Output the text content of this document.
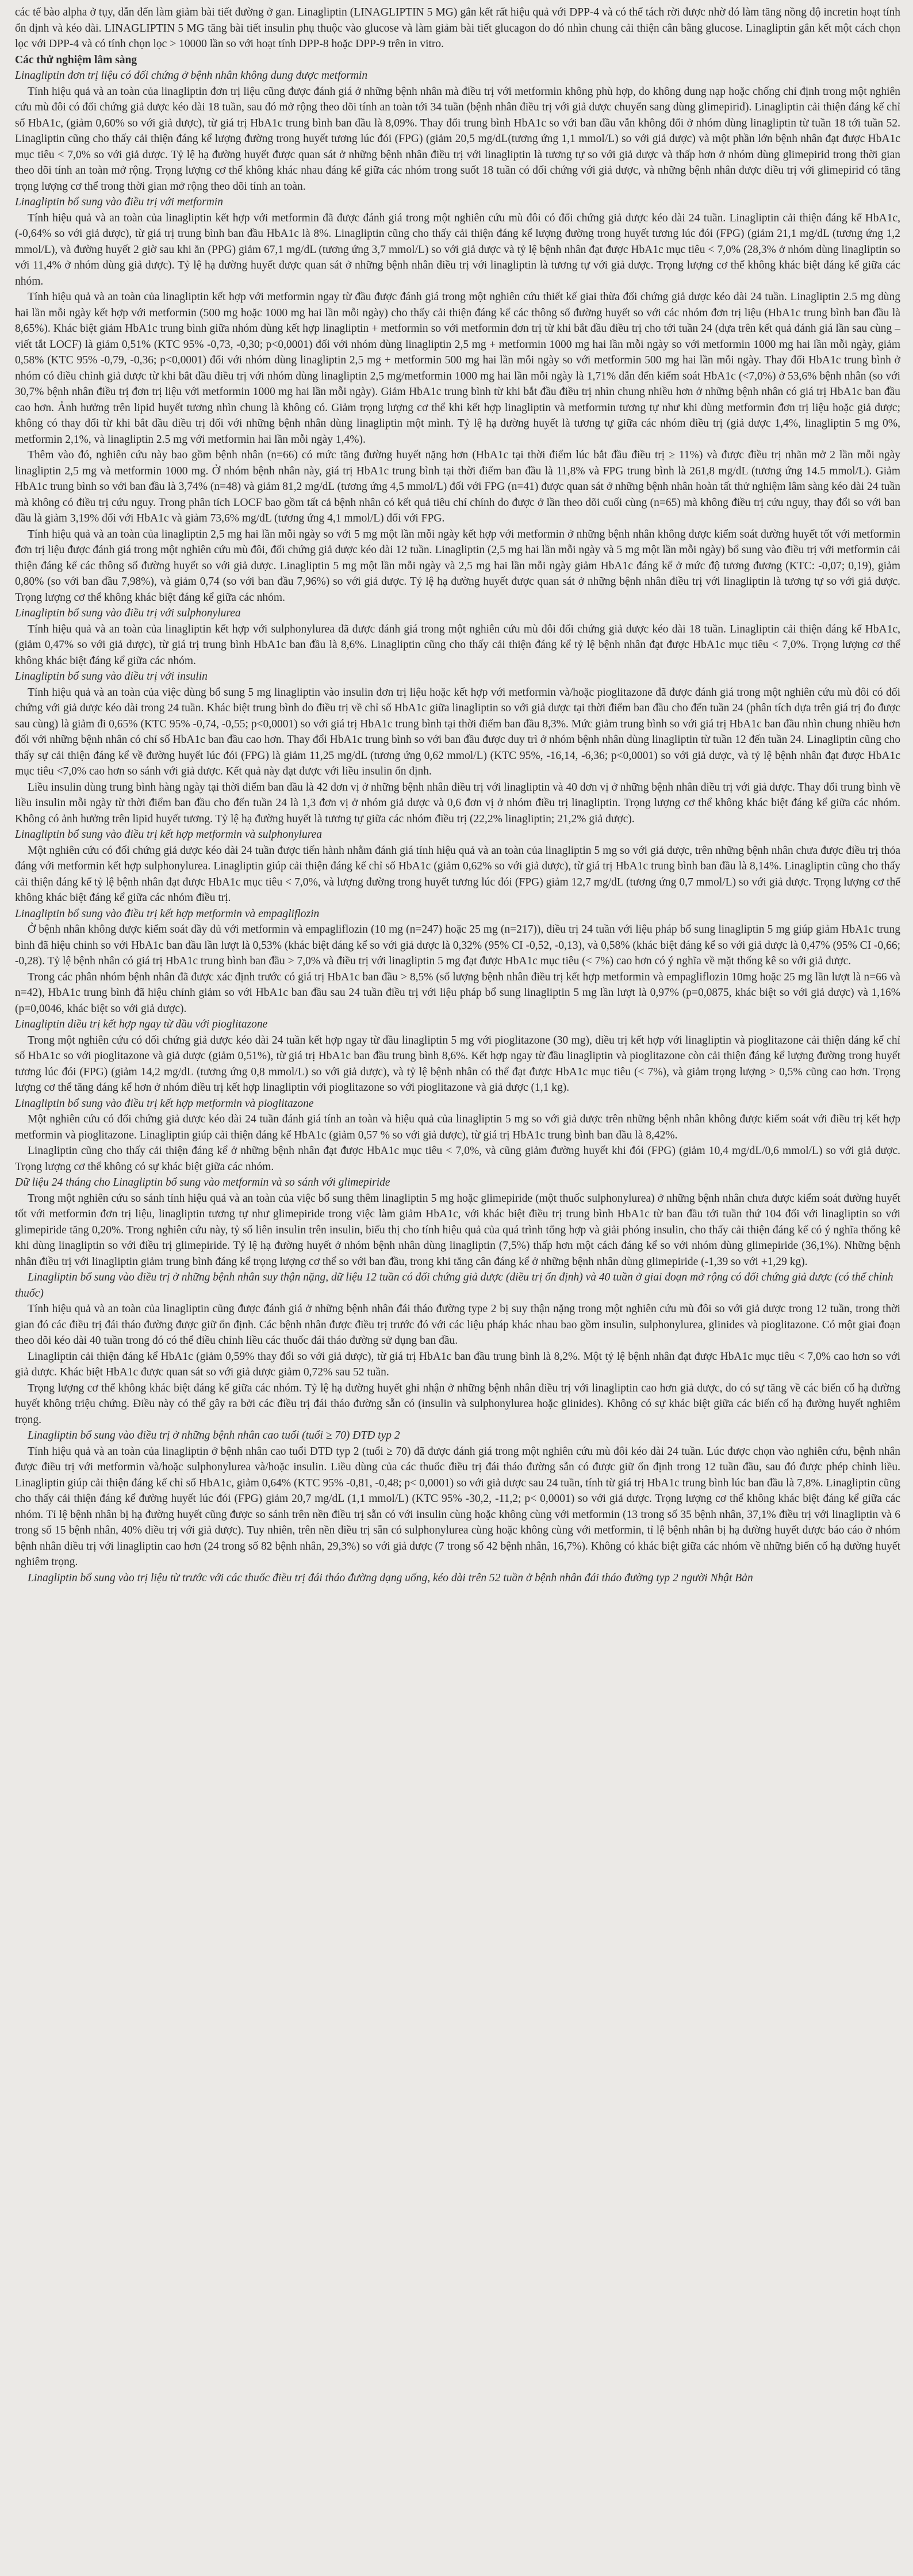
các tế bào alpha ở tụy, dẫn đến làm giảm bài tiết đường ở gan. Linagliptin (LINAGLIPTIN 5 MG) gắn kết rất hiệu quả với DPP-4 và có thể tách rời được nhờ đó làm tăng nồng độ incretin hoạt tính ổn định và kéo dài. LINAGLIPTIN 5 MG tăng bài tiết insulin phụ thuộc vào glucose và làm giảm bài tiết glucagon do đó nhìn chung cải thiện cân bằng glucose. Linagliptin gắn kết một cách chọn lọc với DPP-4 và có tính chọn lọc > 10000 lần so với hoạt tính DPP-8 hoặc DPP-9 trên in vitro.

Các thử nghiệm lâm sàng

Linagliptin đơn trị liệu có đối chứng ở bệnh nhân không dung được metformin

Tính hiệu quả và an toàn của linagliptin đơn trị liệu cũng được đánh giá ở những bệnh nhân mà điều trị với metformin không phù hợp, do không dung nạp hoặc chống chỉ định trong một nghiên cứu mù đôi có đối chứng giả dược kéo dài 18 tuần, sau đó mở rộng theo dõi tính an toàn tới 34 tuần (bệnh nhân điều trị với giả dược chuyển sang dùng glimepirid). Linagliptin cải thiện đáng kể chỉ số HbA1c, (giảm 0,60% so với giả dược), từ giá trị HbA1c trung bình ban đầu là 8,09%. Thay đổi trung bình HbA1c so với ban đầu vẫn không đổi ở nhóm dùng linagliptin từ tuần 18 tới tuần 52. Linagliptin cũng cho thấy cải thiện đáng kể lượng đường trong huyết tương lúc đói (FPG) (giảm 20,5 mg/dL(tương ứng 1,1 mmol/L) so với giả dược) và một phần lớn bệnh nhân đạt được HbA1c mục tiêu < 7,0% so với giả dược. Tỷ lệ hạ đường huyết được quan sát ở những bệnh nhân điều trị với linagliptin là tương tự so với giả dược và thấp hơn ở nhóm dùng glimepirid trong thời gian theo dõi tính an toàn mở rộng. Trọng lượng cơ thể không khác nhau đáng kể giữa các nhóm trong suốt 18 tuần có đối chứng với giả dược, và những bệnh nhân được điều trị với glimepirid có tăng trọng lượng cơ thể trong thời gian mở rộng theo dõi tính an toàn.

Linagliptin bổ sung vào điều trị với metformin

Tính hiệu quả và an toàn của linagliptin kết hợp với metformin đã được đánh giá trong một nghiên cứu mù đôi có đối chứng giả dược kéo dài 24 tuần. Linagliptin cải thiện đáng kể HbA1c, (-0,64% so với giả dược), từ giá trị trung bình ban đầu HbA1c là 8%. Linagliptin cũng cho thấy cải thiện đáng kể lượng đường trong huyết tương lúc đói (FPG) (giảm 21,1 mg/dL (tương ứng 1,2 mmol/L), và đường huyết 2 giờ sau khi ăn (PPG) giảm 67,1 mg/dL (tương ứng 3,7 mmol/L) so với giả dược và tỷ lệ bệnh nhân đạt được HbA1c mục tiêu < 7,0% (28,3% ở nhóm dùng linagliptin so với 11,4% ở nhóm dùng giả dược). Tỷ lệ hạ đường huyết được quan sát ở những bệnh nhân điều trị với linagliptin là tương tự với giả dược. Trọng lượng cơ thể không khác biệt đáng kể giữa các nhóm.

Tính hiệu quả và an toàn của linagliptin kết hợp với metformin ngay từ đầu được đánh giá trong một nghiên cứu thiết kế giai thừa đối chứng giả dược kéo dài 24 tuần. Linagliptin 2.5 mg dùng hai lần mỗi ngày kết hợp với metformin (500 mg hoặc 1000 mg hai lần mỗi ngày) cho thấy cải thiện đáng kể các thông số đường huyết so với các nhóm đơn trị liệu (HbA1c trung bình ban đầu là 8,65%). Khác biệt giảm HbA1c trung bình giữa nhóm dùng kết hợp linagliptin + metformin so với metformin đơn trị từ khi bắt đầu điều trị cho tới tuần 24 (dựa trên kết quả đánh giá lần sau cùng – viết tắt LOCF) là giảm 0,51% (KTC 95% -0,73, -0,30; p<0,0001) đối với nhóm dùng linagliptin 2,5 mg + metformin 1000 mg hai lần mỗi ngày so với metformin 1000 mg hai lần mỗi ngày, giảm 0,58% (KTC 95% -0,79, -0,36; p<0,0001) đối với nhóm dùng linagliptin 2,5 mg + metformin 500 mg hai lần mỗi ngày so với metformin 500 mg hai lần mỗi ngày. Thay đổi HbA1c trung bình ở nhóm có điều chỉnh giả dược từ khi bắt đầu điều trị với nhóm dùng linagliptin 2,5 mg/metformin 1000 mg hai lần mỗi ngày là 1,71% dẫn đến kiểm soát HbA1c (<7,0%) ở 53,6% bệnh nhân (so với 30,7% bệnh nhân điều trị đơn trị liệu với metformin 1000 mg hai lần mỗi ngày). Giảm HbA1c trung bình từ khi bắt đầu điều trị nhìn chung nhiều hơn ở những bệnh nhân có giá trị HbA1c ban đầu cao hơn. Ảnh hưởng trên lipid huyết tương nhìn chung là không có. Giảm trọng lượng cơ thể khi kết hợp linagliptin và metformin tương tự như khi dùng metformin đơn trị liệu hoặc giả dược; không có thay đổi từ khi bắt đầu điều trị đối với những bệnh nhân dùng linagliptin một mình. Tỷ lệ hạ đường huyết là tương tự giữa các nhóm điều trị (giả dược 1,4%, linagliptin 5 mg 0%, metformin 2,1%, và linagliptin 2.5 mg với metformin hai lần mỗi ngày 1,4%).

Thêm vào đó, nghiên cứu này bao gồm bệnh nhân (n=66) có mức tăng đường huyết nặng hơn (HbA1c tại thời điểm lúc bắt đầu điều trị ≥ 11%) và được điều trị nhãn mở 2 lần mỗi ngày linagliptin 2,5 mg và metformin 1000 mg. Ở nhóm bệnh nhân này, giá trị HbA1c trung bình tại thời điểm ban đầu là 11,8% và FPG trung bình là 261,8 mg/dL (tương ứng 14.5 mmol/L). Giảm HbA1c trung bình so với ban đầu là 3,74% (n=48) và giảm 81,2 mg/dL (tương ứng 4,5 mmol/L) đối với FPG (n=41) được quan sát ở những bệnh nhân hoàn tất thử nghiệm lâm sàng kéo dài 24 tuần mà không có điều trị cứu nguy. Trong phân tích LOCF bao gồm tất cả bệnh nhân có kết quả tiêu chí chính do được ở lần theo dõi cuối cùng (n=65) mà không điều trị cứu nguy, thay đổi so với ban đầu là giảm 3,19% đối với HbA1c và giảm 73,6% mg/dL (tương ứng 4,1 mmol/L) đối với FPG.

Tính hiệu quả và an toàn của linagliptin 2,5 mg hai lần mỗi ngày so với 5 mg một lần mỗi ngày kết hợp với metformin ở những bệnh nhân không được kiểm soát đường huyết tốt với metformin đơn trị liệu được đánh giá trong một nghiên cứu mù đôi, đối chứng giả dược kéo dài 12 tuần. Linagliptin (2,5 mg hai lần mỗi ngày và 5 mg một lần mỗi ngày) bổ sung vào điều trị với metformin cải thiện đáng kể các thông số đường huyết so với giả dược. Linagliptin 5 mg một lần mỗi ngày và 2,5 mg hai lần mỗi ngày giảm HbA1c đáng kể ở mức độ tương đương (KTC: -0,07; 0,19), giảm 0,80% (so với ban đầu 7,98%), và giảm 0,74 (so với ban đầu 7,96%) so với giả dược. Tỷ lệ hạ đường huyết được quan sát ở những bệnh nhân điều trị với linagliptin là tương tự so với giả dược. Trọng lượng cơ thể không khác biệt đáng kể giữa các nhóm.

Linagliptin bổ sung vào điều trị với sulphonylurea

Tính hiệu quả và an toàn của linagliptin kết hợp với sulphonylurea đã được đánh giá trong một nghiên cứu mù đôi đối chứng giả dược kéo dài 18 tuần. Linagliptin cải thiện đáng kể HbA1c, (giảm 0,47% so với giả dược), từ giá trị trung bình HbA1c ban đầu là 8,6%. Linagliptin cũng cho thấy cải thiện đáng kể tỷ lệ bệnh nhân đạt được HbA1c mục tiêu < 7,0%. Trọng lượng cơ thể không khác biệt đáng kể giữa các nhóm.

Linagliptin bổ sung vào điều trị với insulin

Tính hiệu quả và an toàn của việc dùng bổ sung 5 mg linagliptin vào insulin đơn trị liệu hoặc kết hợp với metformin và/hoặc pioglitazone đã được đánh giá trong một nghiên cứu mù đôi có đối chứng với giả dược kéo dài trong 24 tuần. Khác biệt trung bình do điều trị về chỉ số HbA1c giữa linagliptin so với giả dược tại thời điểm ban đầu cho đến tuần 24 (phân tích dựa trên giá trị đo được sau cùng) là giảm đi 0,65% (KTC 95% -0,74, -0,55; p<0,0001) so với giá trị HbA1c trung bình tại thời điểm ban đầu 8,3%. Mức giảm trung bình so với giá trị HbA1c ban đầu nhìn chung nhiều hơn đối với những bệnh nhân có chỉ số HbA1c ban đầu cao hơn. Thay đổi HbA1c trung bình so với ban đầu được duy trì ở nhóm bệnh nhân dùng linagliptin từ tuần 12 đến tuần 24. Linagliptin cũng cho thấy sự cải thiện đáng kể về đường huyết lúc đói (FPG) là giảm 11,25 mg/dL (tương ứng 0,62 mmol/L) (KTC 95%, -16,14, -6,36; p<0,0001) so với giả dược, và tỷ lệ bệnh nhân đạt được HbA1c mục tiêu <7,0% cao hơn so sánh với giả dược. Kết quả này đạt được với liều insulin ổn định.

Liều insulin dùng trung bình hàng ngày tại thời điểm ban đầu là 42 đơn vị ở những bệnh nhân điều trị với linagliptin và 40 đơn vị ở những bệnh nhân điều trị với giả dược. Thay đổi trung bình về liều insulin mỗi ngày từ thời điểm ban đầu cho đến tuần 24 là 1,3 đơn vị ở nhóm giả dược và 0,6 đơn vị ở nhóm điều trị linagliptin. Trọng lượng cơ thể không khác biệt đáng kể giữa các nhóm. Không có ảnh hưởng trên lipid huyết tương. Tỷ lệ hạ đường huyết là tương tự giữa các nhóm điều trị (22,2% linagliptin; 21,2% giả dược).

Linagliptin bổ sung vào điều trị kết hợp metformin và sulphonylurea

Một nghiên cứu có đối chứng giả dược kéo dài 24 tuần được tiến hành nhằm đánh giá tính hiệu quả và an toàn của linagliptin 5 mg so với giả dược, trên những bệnh nhân chưa được điều trị thỏa đáng với metformin kết hợp sulphonylurea. Linagliptin giúp cải thiện đáng kể chỉ số HbA1c (giảm 0,62% so với giả dược), từ giá trị HbA1c trung bình ban đầu là 8,14%. Linagliptin cũng cho thấy cải thiện đáng kể tỷ lệ bệnh nhân đạt được HbA1c mục tiêu < 7,0%, và lượng đường trong huyết tương lúc đói (FPG) giảm 12,7 mg/dL (tương ứng 0,7 mmol/L) so với giả dược. Trọng lượng cơ thể không khác biệt đáng kể giữa các nhóm điều trị.

Linagliptin bổ sung vào điều trị kết hợp metformin và empagliflozin

Ở bệnh nhân không được kiểm soát đầy đủ với metformin và empagliflozin (10 mg (n=247) hoặc 25 mg (n=217)), điều trị 24 tuần với liệu pháp bổ sung linagliptin 5 mg giúp giảm HbA1c trung bình đã hiệu chỉnh so với HbA1c ban đầu lần lượt là 0,53% (khác biệt đáng kể so với giả dược là 0,32% (95% CI -0,52, -0,13), và 0,58% (khác biệt đáng kể so với giả dược là 0,47% (95% CI -0,66; -0,28). Tỷ lệ bệnh nhân có giá trị HbA1c trung bình ban đầu > 7,0% và điều trị với linagliptin 5 mg đạt được HbA1c mục tiêu (< 7%) cao hơn có ý nghĩa về mặt thống kê so với giả dược.

Trong các phân nhóm bệnh nhân đã được xác định trước có giá trị HbA1c ban đầu > 8,5% (số lượng bệnh nhân điều trị kết hợp metformin và empagliflozin 10mg hoặc 25 mg lần lượt là n=66 và n=42), HbA1c trung bình đã hiệu chỉnh giảm so với HbA1c ban đầu sau 24 tuần điều trị với liệu pháp bổ sung linagliptin 5 mg lần lượt là 0,97% (p=0,0875, khác biệt so với giả dược) và 1,16% (p=0,0046, khác biệt so với giả dược).

Linagliptin điều trị kết hợp ngay từ đầu với pioglitazone

Trong một nghiên cứu có đối chứng giả dược kéo dài 24 tuần kết hợp ngay từ đầu linagliptin 5 mg với pioglitazone (30 mg), điều trị kết hợp với linagliptin và pioglitazone cải thiện đáng kể chỉ số HbA1c so với pioglitazone và giả dược (giảm 0,51%), từ giá trị HbA1c ban đầu trung bình 8,6%. Kết hợp ngay từ đầu linagliptin và pioglitazone còn cải thiện đáng kể lượng đường trong huyết tương lúc đói (FPG) (giảm 14,2 mg/dL (tương ứng 0,8 mmol/L) so với giả dược), và tỷ lệ bệnh nhân có thể đạt được HbA1c mục tiêu (< 7%), và giảm trọng lượng > 0,5% cũng cao hơn. Trọng lượng cơ thể tăng đáng kể hơn ở nhóm điều trị kết hợp linagliptin với pioglitazone so với pioglitazone và giả dược (1,1 kg).

Linagliptin bổ sung vào điều trị kết hợp metformin và pioglitazone

Một nghiên cứu có đối chứng giả dược kéo dài 24 tuần đánh giá tính an toàn và hiệu quả của linagliptin 5 mg so với giả dược trên những bệnh nhân không được kiểm soát với điều trị kết hợp metformin và pioglitazone. Linagliptin giúp cải thiện đáng kể HbA1c (giảm 0,57 % so với giả dược), từ giá trị HbA1c trung bình ban đầu là 8,42%.

Linagliptin cũng cho thấy cải thiện đáng kể ở những bệnh nhân đạt được HbA1c mục tiêu < 7,0%, và cũng giảm đường huyết khi đói (FPG) (giảm 10,4 mg/dL/0,6 mmol/L) so với giả dược. Trọng lượng cơ thể không có sự khác biệt giữa các nhóm.

Dữ liệu 24 tháng cho Linagliptin bổ sung vào metformin và so sánh với glimepiride

Trong một nghiên cứu so sánh tính hiệu quả và an toàn của việc bổ sung thêm linagliptin 5 mg hoặc glimepiride (một thuốc sulphonylurea) ở những bệnh nhân chưa được kiểm soát đường huyết tốt với metformin đơn trị liệu, linagliptin tương tự như glimepiride trong việc làm giảm HbA1c, với khác biệt điều trị trung bình HbA1c từ ban đầu tới tuần thứ 104 đối với linagliptin so với glimepiride tăng 0,20%. Trong nghiên cứu này, tỷ số liên insulin trên insulin, biểu thị cho tính hiệu quả của quá trình tổng hợp và giải phóng insulin, cho thấy cải thiện đáng kể có ý nghĩa thống kê khi dùng linagliptin so với điều trị glimepiride. Tỷ lệ hạ đường huyết ở nhóm bệnh nhân dùng linagliptin (7,5%) thấp hơn một cách đáng kể so với nhóm dùng glimepiride (36,1%). Những bệnh nhân điều trị với linagliptin giảm trung bình đáng kể trọng lượng cơ thể so với ban đầu, trong khi tăng cân đáng kể ở những bệnh nhân dùng glimepiride (-1,39 so với +1,29 kg).

Linagliptin bổ sung vào điều trị ở những bệnh nhân suy thận nặng, dữ liệu 12 tuần có đối chứng giả dược (điều trị ổn định) và 40 tuần ở giai đoạn mở rộng có đối chứng giả dược (có thể chỉnh thuốc)

Tính hiệu quả và an toàn của linagliptin cũng được đánh giá ở những bệnh nhân đái tháo đường type 2 bị suy thận nặng trong một nghiên cứu mù đôi so với giả dược trong 12 tuần, trong thời gian đó các điều trị đái tháo đường được giữ ổn định. Các bệnh nhân được điều trị trước đó với các liệu pháp khác nhau bao gồm insulin, sulphonylurea, glinides và pioglitazone. Có một giai đoạn theo dõi kéo dài 40 tuần trong đó có thể điều chỉnh liều các thuốc đái tháo đường sử dụng ban đầu.

Linagliptin cải thiện đáng kể HbA1c (giảm 0,59% thay đổi so với giả dược), từ giá trị HbA1c ban đầu trung bình là 8,2%. Một tỷ lệ bệnh nhân đạt được HbA1c mục tiêu < 7,0% cao hơn so với giả dược. Khác biệt HbA1c được quan sát so với giả dược giảm 0,72% sau 52 tuần.

Trọng lượng cơ thể không khác biệt đáng kể giữa các nhóm. Tỷ lệ hạ đường huyết ghi nhận ở những bệnh nhân điều trị với linagliptin cao hơn giả dược, do có sự tăng về các biến cố hạ đường huyết không triệu chứng. Điều này có thể gây ra bởi các điều trị đái tháo đường sẵn có (insulin và sulphonylurea hoặc glinides). Không có sự khác biệt giữa các biến cố hạ đường huyết nghiêm trọng.

Linagliptin bổ sung vào điều trị ở những bệnh nhân cao tuổi (tuổi ≥ 70) ĐTĐ typ 2

Tính hiệu quả và an toàn của linagliptin ở bệnh nhân cao tuổi ĐTĐ typ 2 (tuổi ≥ 70) đã được đánh giá trong một nghiên cứu mù đôi kéo dài 24 tuần. Lúc được chọn vào nghiên cứu, bệnh nhân được điều trị với metformin và/hoặc sulphonylurea và/hoặc insulin. Liều dùng của các thuốc điều trị đái tháo đường sẵn có được giữ ổn định trong 12 tuần đầu, sau đó được phép chỉnh liều. Linagliptin giúp cải thiện đáng kể chỉ số HbA1c, giảm 0,64% (KTC 95% -0,81, -0,48; p< 0,0001) so với giả dược sau 24 tuần, tính từ giá trị HbA1c trung bình lúc ban đầu là 7,8%. Linagliptin cũng cho thấy cải thiện đáng kể đường huyết lúc đói (FPG) giảm 20,7 mg/dL (1,1 mmol/L) (KTC 95% -30,2, -11,2; p< 0,0001) so với giả dược. Trọng lượng cơ thể không khác biệt đáng kể giữa các nhóm. Tỉ lệ bệnh nhân bị hạ đường huyết cũng được so sánh trên nền điều trị sẵn có với insulin cùng hoặc không cùng với metformin (13 trong số 35 bệnh nhân, 37,1% điều trị với linagliptin và 6 trong số 15 bệnh nhân, 40% điều trị với giả dược). Tuy nhiên, trên nền điều trị sẵn có sulphonylurea cùng hoặc không cùng với metformin, tỉ lệ bệnh nhân bị hạ đường huyết được báo cáo ở nhóm bệnh nhân điều trị với linagliptin cao hơn (24 trong số 82 bệnh nhân, 29,3%) so với giả dược (7 trong số 42 bệnh nhân, 16,7%). Không có khác biệt giữa các nhóm về những biến cố hạ đường huyết nghiêm trọng.

Linagliptin bổ sung vào trị liệu từ trước với các thuốc điều trị đái tháo đường dạng uống, kéo dài trên 52 tuần ở bệnh nhân đái tháo đường typ 2 người Nhật Bản
